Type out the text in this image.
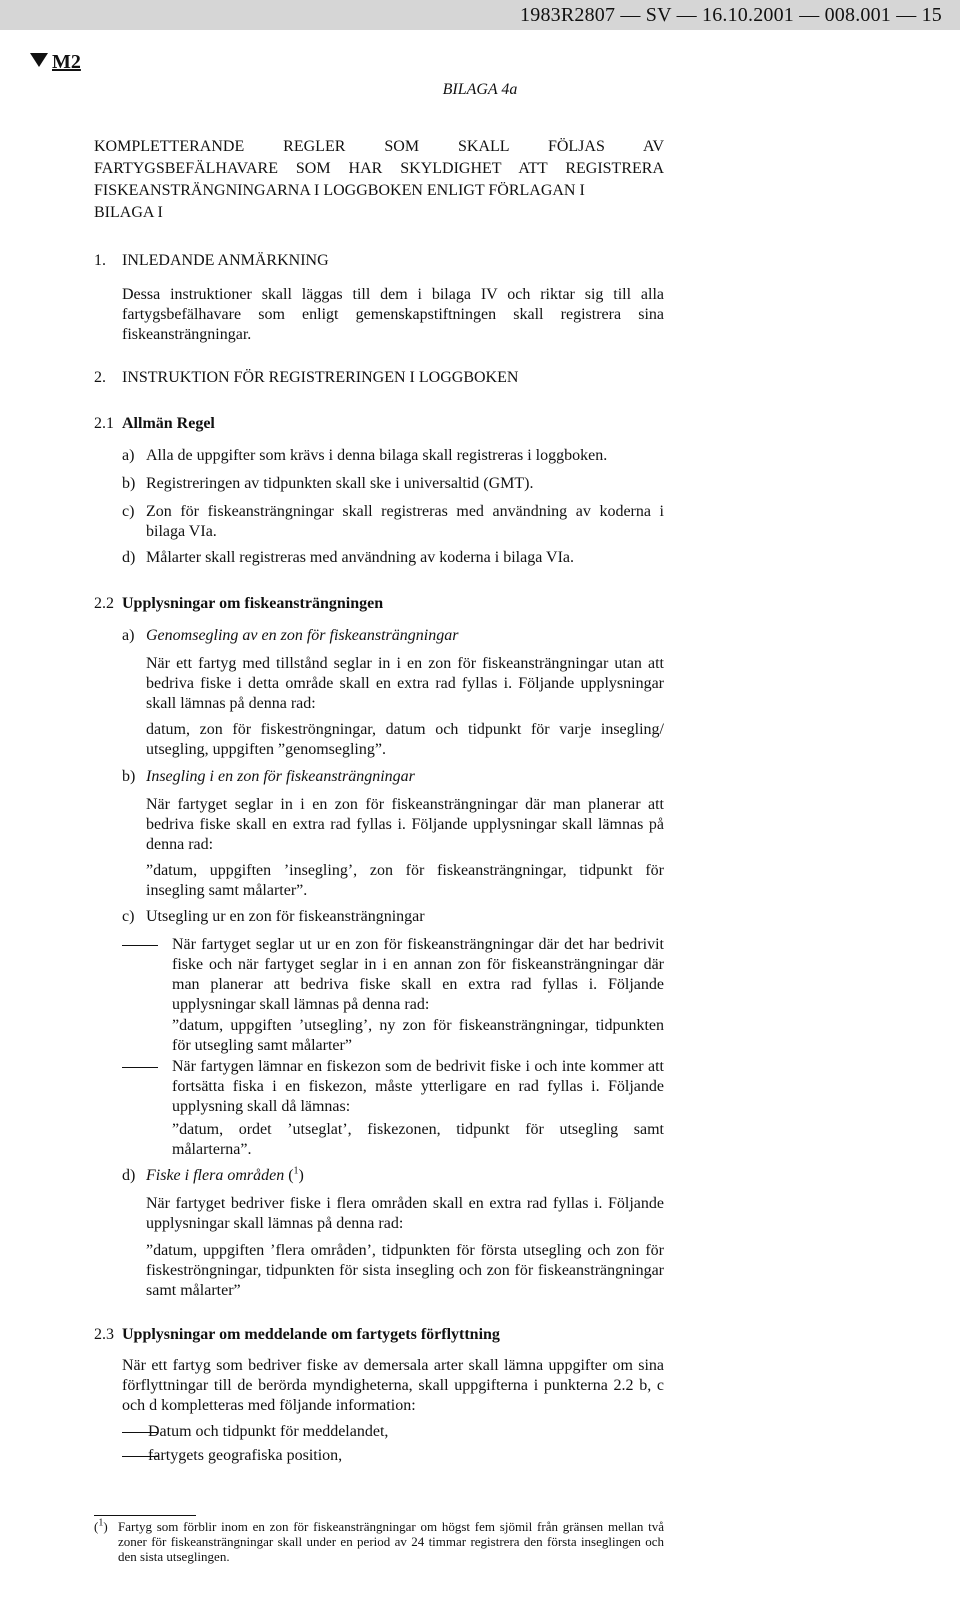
1983R2807 — SV — 16.10.2001 — 008.001 — 15
M2
BILAGA 4a
KOMPLETTERANDE REGLER SOM SKALL FÖLJAS AV FARTYGSBEFÄLHAVARE SOM HAR SKYLDIGHET ATT REGISTRERA FISKEANSTRÄNGNINGARNA I LOGGBOKEN ENLIGT FÖRLAGAN I
BILAGA I
1. INLEDANDE ANMÄRKNING

Dessa instruktioner skall läggas till dem i bilaga IV och riktar sig till alla fartygsbefälhavare som enligt gemenskapstiftningen skall registrera sina fiskeansträngningar.

2. INSTRUKTION FÖR REGISTRERINGEN I LOGGBOKEN
2.1 Allmän Regel
a) Alla de uppgifter som krävs i denna bilaga skall registreras i loggboken.

b) Registreringen av tidpunkten skall ske i universaltid (GMT).

c) Zon för fiskeansträngningar skall registreras med användning av koderna i bilaga VIa.

d) Målarter skall registreras med användning av koderna i bilaga VIa.

2.2 Upplysningar om fiskeansträngningen
a) Genomsegling av en zon för fiskeansträngningar

När ett fartyg med tillstånd seglar in i en zon för fiskeansträngningar utan att bedriva fiske i detta område skall en extra rad fyllas i. Följande upplysningar skall lämnas på denna rad:

datum, zon för fiskeströngningar, datum och tidpunkt för varje insegling/ utsegling, uppgiften ”genomsegling”.

b) Insegling i en zon för fiskeansträngningar

När fartyget seglar in i en zon för fiskeansträngningar där man planerar att bedriva fiske skall en extra rad fyllas i. Följande upplysningar skall lämnas på denna rad:

”datum, uppgiften ’insegling’, zon för fiskeansträngningar, tidpunkt för insegling samt målarter”.

c) Utsegling ur en zon för fiskeansträngningar

När fartyget seglar ut ur en zon för fiskeansträngningar där det har bedrivit fiske och när fartyget seglar in i en annan zon för fiskeansträngningar där man planerar att bedriva fiske skall en extra rad fyllas i. Följande upplysningar skall lämnas på denna rad:

”datum, uppgiften ’utsegling’, ny zon för fiskeansträngningar, tidpunkten för utsegling samt målarter”

När fartygen lämnar en fiskezon som de bedrivit fiske i och inte kommer att fortsätta fiska i en fiskezon, måste ytterligare en rad fyllas i. Följande upplysning skall då lämnas:

”datum, ordet ’utseglat’, fiskezonen, tidpunkt för utsegling samt målarterna”.

d) Fiske i flera områden ($^1$)

När fartyget bedriver fiske i flera områden skall en extra rad fyllas i. Följande upplysningar skall lämnas på denna rad:

”datum, uppgiften ’flera områden’, tidpunkten för första utsegling och zon för fiskeströngningar, tidpunkten för sista insegling och zon för fiskeansträngningar samt målarter”

2.3 Upplysningar om meddelande om fartygets förflyttning

När ett fartyg som bedriver fiske av demersala arter skall lämna uppgifter om sina förflyttningar till de berörda myndigheterna, skall uppgifterna i punkterna 2.2 b, c och d kompletteras med följande information:

Datum och tidpunkt för meddelandet,
fartygets geografiska position,
($^1$) Fartyg som förblir inom en zon för fiskeansträngningar om högst fem sjömil från gränsen mellan två zoner för fiskeansträngningar skall under en period av 24 timmar registrera den första inseglingen och den sista utseglingen.
